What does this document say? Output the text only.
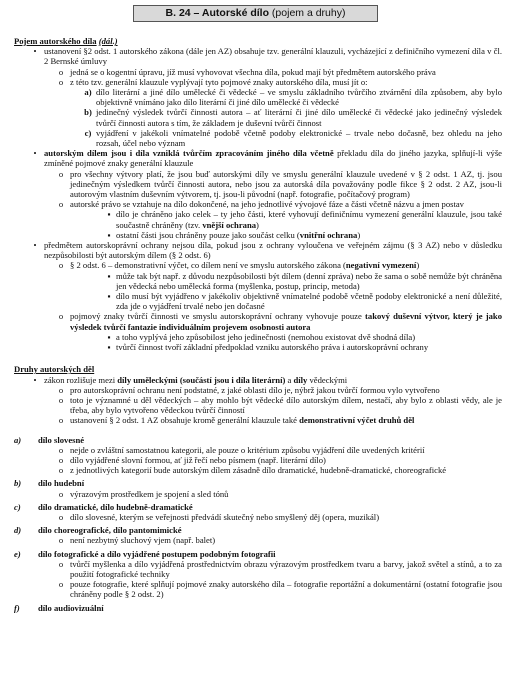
B. 24 – Autorské dílo (pojem a druhy)

Pojem autorského díla (dál.)

• ustanovení §2 odst. 1 autorského zákona (dále jen AZ) obsahuje tzv. generální klauzuli, vycházející z definičního vymezení díla v čl. 2 Bernské úmluvy
o jedná se o kogentní úpravu, jíž musí vyhovovat všechna díla, pokud mají být předmětem autorského práva
o z této tzv. generální klauzule vyplývají tyto pojmové znaky autorského díla, musí jít o:
a) dílo literární a jiné dílo umělecké či vědecké – ve smyslu základního tvůrčího ztvárnění díla způsobem, aby bylo objektivně vnímáno jako dílo literární či jiné dílo umělecké či vědecké
b) jedinečný výsledek tvůrčí činnosti autora – ať literární či jiné dílo umělecké či vědecké jako jedinečný výsledek tvůrčí činnosti autora s tím, že základem je duševní tvůrčí činnost
c) vyjádření v jakékoli vnímatelné podobě včetně podoby elektronické – trvale nebo dočasně, bez ohledu na jeho rozsah, účel nebo význam
• autorským dílem jsou i díla vzniklá tvůrčím zpracováním jiného díla včetně překladu díla do jiného jazyka, splňují-li výše zmíněné pojmové znaky generální klauzule
o pro všechny výtvory platí, že jsou buď autorskými díly ve smyslu generální klauzule uvedené v § 2 odst. 1 AZ, tj. jsou jedinečným výsledkem tvůrčí činnosti autora, nebo jsou za autorská díla považovány podle fikce § 2 odst. 2 AZ, jsou-li autorovým vlastním duševním výtvorem, tj. jsou-li původní (např. fotografie, počítačový program)
o autorské právo se vztahuje na dílo dokončené, na jeho jednotlivé vývojové fáze a části včetně názvu a jmen postav
▪ dílo je chráněno jako celek – ty jeho části, které vyhovují definičnímu vymezení generální klauzule, jsou také součastně chráněny (tzv. vnější ochrana)
▪ ostatní části jsou chráněny pouze jako součást celku (vnitřní ochrana)
• předmětem autorskoprávní ochrany nejsou díla, pokud jsou z ochrany vyloučena ve veřejném zájmu (§ 3 AZ) nebo v důsledku nezpůsobilosti být autorským dílem (§ 2 odst. 6)
o § 2 odst. 6 – demonstrativní výčet, co dílem není ve smyslu autorského zákona (negativní vymezení)
▪ může tak být např. z důvodu nezpůsobilosti být dílem (denní zpráva) nebo že sama o sobě nemůže být chráněna jen vědecká nebo umělecká forma (myšlenka, postup, princip, metoda)
▪ dílo musí být vyjádřeno v jakékoliv objektivně vnímatelné podobě včetně podoby elektronické a není důležité, zda jde o vyjádření trvalé nebo jen dočasné
o pojmový znaky tvůrčí činnosti ve smyslu autorskoprávní ochrany vyhovuje pouze takový duševní výtvor, který je jako výsledek tvůrčí fantazie individuálním projevem osobnosti autora
▪ a toho vyplývá jeho způsobilost jeho jedinečnosti (nemohou existovat dvě shodná díla)
▪ tvůrčí činnost tvoří základní předpoklad vzniku autorského práva i autorskoprávní ochrany

Druhy autorských děl

• zákon rozlišuje mezi díly uměleckými (součástí jsou i díla literární) a díly vědeckými
o pro autorskoprávní ochranu není podstatné, z jaké oblasti dílo je, nýbrž jakou tvůrčí formou vylo vytvořeno
o toto je významné u děl vědeckých – aby mohlo být vědecké dílo autorským dílem, nestačí, aby bylo z oblasti vědy, ale je třeba, aby bylo vytvořeno vědeckou tvůrčí činností
o ustanovení § 2 odst. 1 AZ obsahuje kromě generální klauzule také demonstrativní výčet druhů děl
a)	dílo slovesné
o nejde o zvláštní samostatnou kategorii, ale pouze o kritérium způsobu vyjádření díle uvedených kritérií
o dílo vyjádřené slovní formou, ať již řečí nebo písmem (např. literární dílo)
o z jednotlivých kategorií bude autorským dílem zásadně dílo dramatické, hudebně-dramatické, choreografické
b)	dílo hudební
o výrazovým prostředkem je spojení a sled tónů
c)	dílo dramatické, dílo hudebně-dramatické
o dílo slovesné, kterým se veřejnosti předvádí skutečný nebo smyšlený děj (opera, muzikál)
d)	dílo choreografické, dílo pantomimické
o není nezbytný sluchový vjem (např. balet)
e)	dílo fotografické a dílo vyjádřené postupem podobným fotografii
o tvůrčí myšlenka a dílo vyjádřená prostřednictvím obrazu výrazovým prostředkem tvaru a barvy, jakož světel a stínů, a to za použití fotografické techniky
o pouze fotografie, které splňují pojmové znaky autorského díla – fotografie reportážní a dokumentární (ostatní fotografie jsou chráněny podle § 2 odst. 2)
f)	dílo audiovizuální
